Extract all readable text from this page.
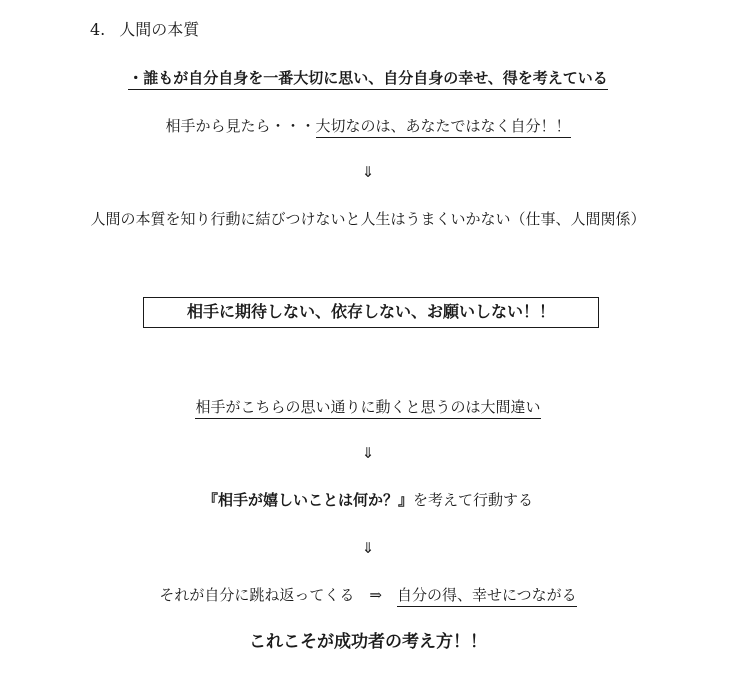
4. 人間の本質
・誰もが自分自身を一番大切に思い、自分自身の幸せ、得を考えている
相手から見たら・・・大切なのは、あなたではなく自分！！
⇓
人間の本質を知り行動に結びつけないと人生はうまくいかない（仕事、人間関係）
相手に期待しない、依存しない、お願いしない！！
相手がこちらの思い通りに動くと思うのは大間違い
⇓
『相手が嬉しいことは何か？』を考えて行動する
⇓
それが自分に跳ね返ってくる　⇒　自分の得、幸せにつながる
これこそが成功者の考え方！！
